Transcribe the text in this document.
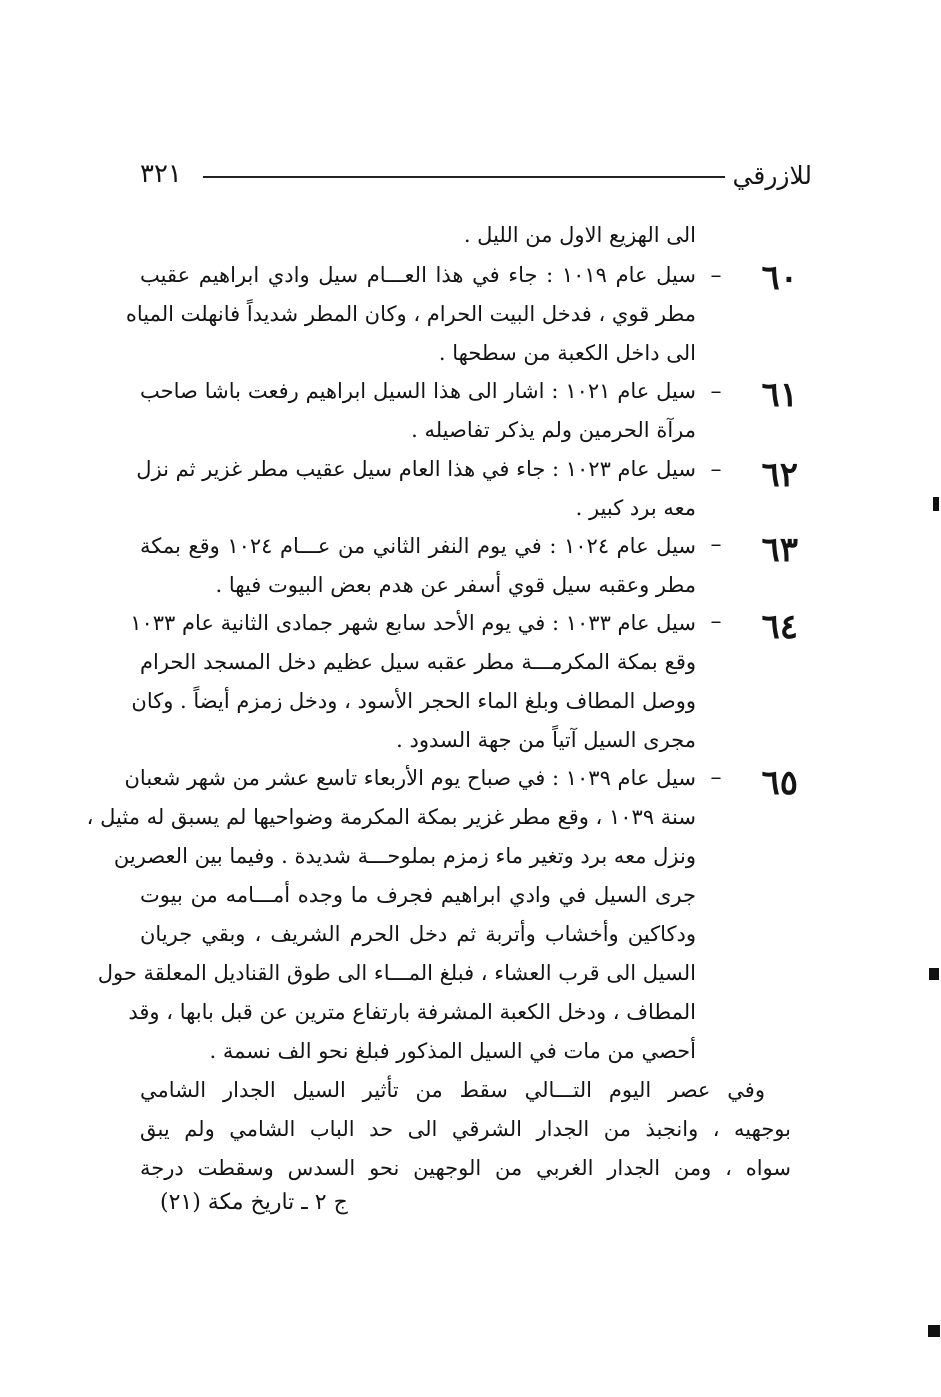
للازرقي
٣٢١
الى الهزيع الاول من الليل .
٦٠
–
سيل عام ١٠١٩ : جاء في هذا العـــام سيل وادي ابراهيم عقيب
مطر قوي ، فدخل البيت الحرام ، وكان المطر شديداً فانهلت المياه
الى داخل الكعبة من سطحها .
٦١
–
سيل عام ١٠٢١ : اشار الى هذا السيل ابراهيم رفعت باشا صاحب
مرآة الحرمين ولم يذكر تفاصيله .
٦٢
–
سيل عام ١٠٢٣ : جاء في هذا العام سيل عقيب مطر غزير ثم نزل
معه برد كبير .
٦٣
–
سيل عام ١٠٢٤ : في يوم النفر الثاني من عـــام ١٠٢٤ وقع بمكة
مطر وعقبه سيل قوي أسفر عن هدم بعض البيوت فيها .
٦٤
–
سيل عام ١٠٣٣ : في يوم الأحد سابع شهر جمادى الثانية عام ١٠٣٣
وقع بمكة المكرمـــة مطر عقبه سيل عظيم دخل المسجد الحرام
ووصل المطاف وبلغ الماء الحجر الأسود ، ودخل زمزم أيضاً . وكان
مجرى السيل آتياً من جهة السدود .
٦٥
–
سيل عام ١٠٣٩ : في صباح يوم الأربعاء تاسع عشر من شهر شعبان
سنة ١٠٣٩ ، وقع مطر غزير بمكة المكرمة وضواحيها لم يسبق له مثيل ،
ونزل معه برد وتغير ماء زمزم بملوحـــة شديدة . وفيما بين العصرين
جرى السيل في وادي ابراهيم فجرف ما وجده أمـــامه من بيوت
ودكاكين وأخشاب وأتربة ثم دخل الحرم الشريف ، وبقي جريان
السيل الى قرب العشاء ، فبلغ المـــاء الى طوق القناديل المعلقة حول
المطاف ، ودخل الكعبة المشرفة بارتفاع مترين عن قبل بابها ، وقد
أحصي من مات في السيل المذكور فبلغ نحو الف نسمة .
وفي عصر اليوم التـــالي سقط من تأثير السيل الجدار الشامي
بوجهيه ، وانجبذ من الجدار الشرقي الى حد الباب الشامي ولم يبق
سواه ، ومن الجدار الغربي من الوجهين نحو السدس وسقطت درجة
ج ٢ ـ تاريخ مكة (٢١)
